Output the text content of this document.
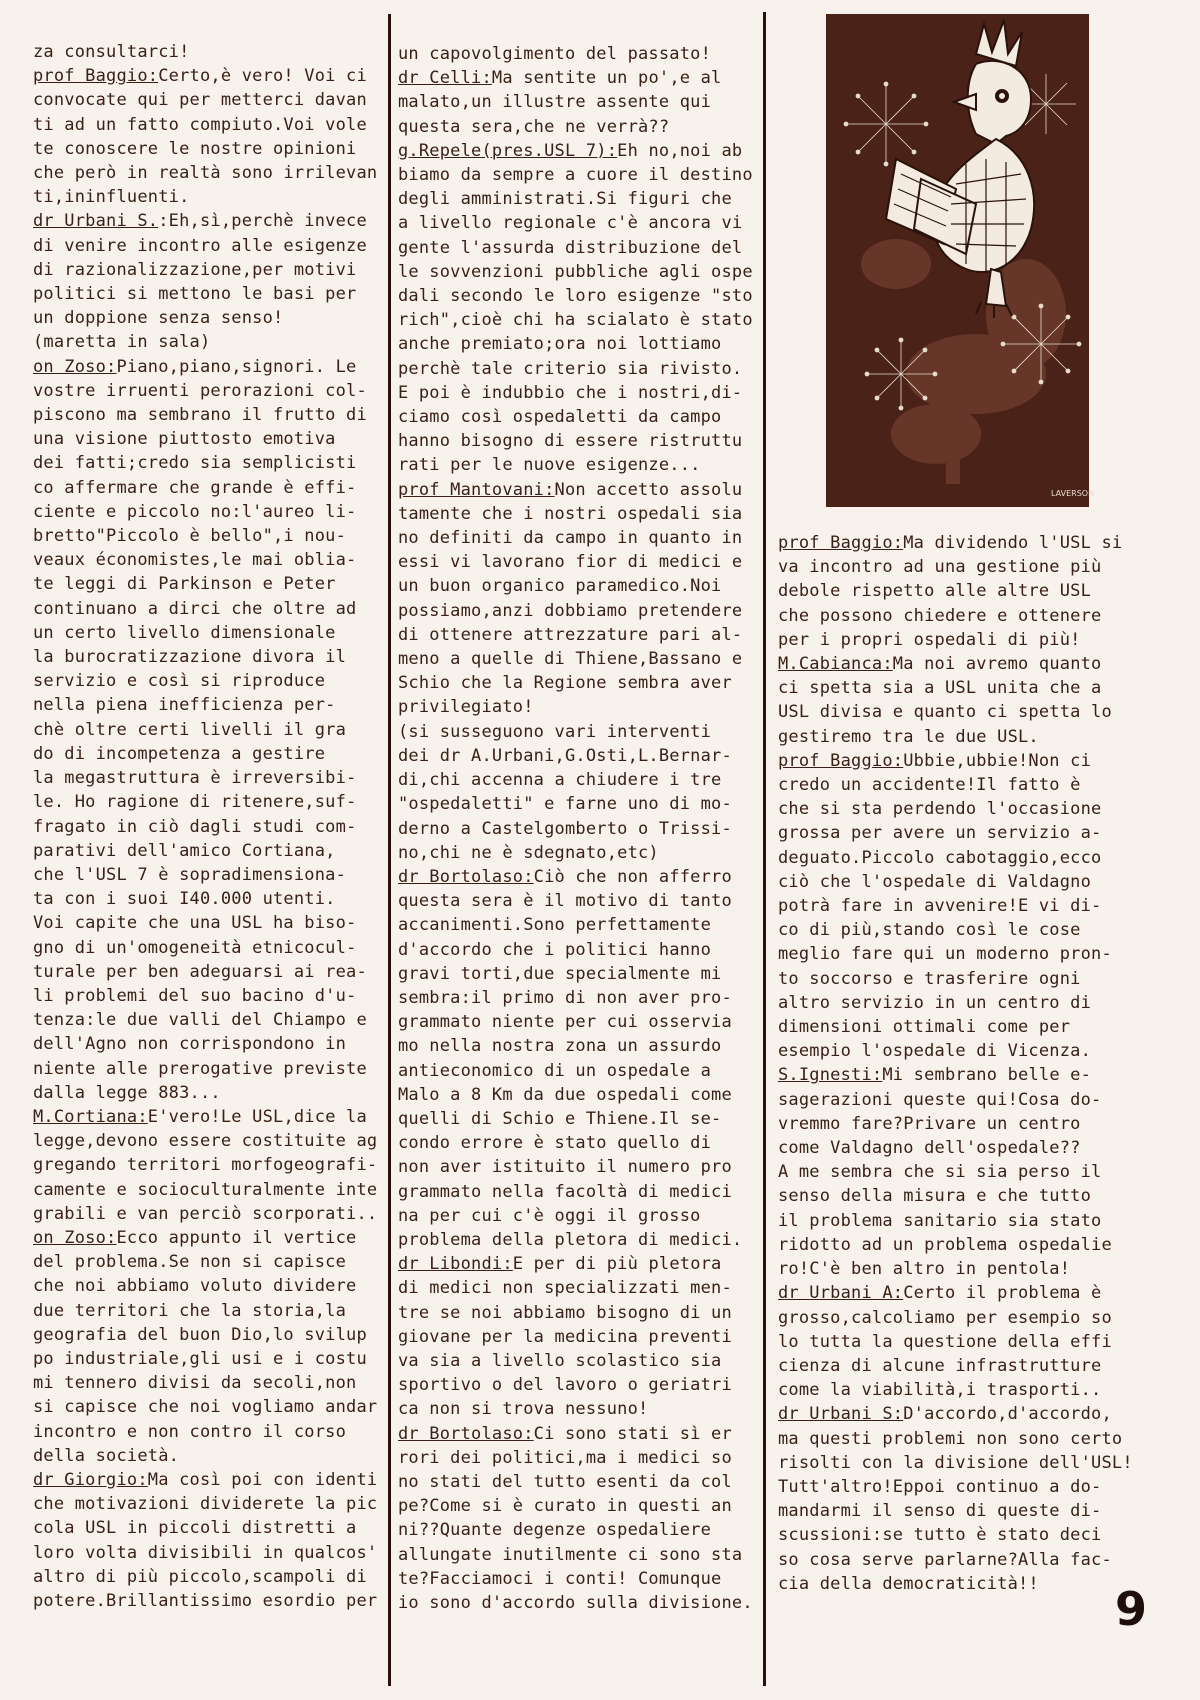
za consultarci!
prof Baggio:Certo,è vero! Voi ci
convocate qui per metterci davan
ti ad un fatto compiuto.Voi vole
te conoscere le nostre opinioni
che però in realtà sono irrilevan
ti,ininfluenti.
dr Urbani S.:Eh,sì,perchè invece
di venire incontro alle esigenze
di razionalizzazione,per motivi
politici si mettono le basi per
un doppione senza senso!
(maretta in sala)
on Zoso:Piano,piano,signori. Le
vostre irruenti perorazioni col-
piscono ma sembrano il frutto di
una visione piuttosto emotiva
dei fatti;credo sia semplicisti
co affermare che grande è effi-
ciente e piccolo no:l'aureo li-
bretto"Piccolo è bello",i nou-
veaux économistes,le mai oblia-
te leggi di Parkinson e Peter
continuano a dirci che oltre ad
un certo livello dimensionale
la burocratizzazione divora il
servizio e così si riproduce
nella piena inefficienza per-
chè oltre certi livelli il gra
do di incompetenza a gestire
la megastruttura è irreversibi-
le. Ho ragione di ritenere,suf-
fragato in ciò dagli studi com-
parativi dell'amico Cortiana,
che l'USL 7 è sopradimensiona-
ta con i suoi I40.000 utenti.
Voi capite che una USL ha biso-
gno di un'omogeneità etnicocul-
turale per ben adeguarsi ai rea-
li problemi del suo bacino d'u-
tenza:le due valli del Chiampo e
dell'Agno non corrispondono in
niente alle prerogative previste
dalla legge 883...
M.Cortiana:E'vero!Le USL,dice la
legge,devono essere costituite ag
gregando territori morfogeografi-
camente e socioculturalmente inte
grabili e van perciò scorporati..
on Zoso:Ecco appunto il vertice
del problema.Se non si capisce
che noi abbiamo voluto dividere
due territori che la storia,la
geografia del buon Dio,lo svilup
po industriale,gli usi e i costu
mi tennero divisi da secoli,non
si capisce che noi vogliamo andar
incontro e non contro il corso
della società.
dr Giorgio:Ma così poi con identi
che motivazioni dividerete la pic
cola USL in piccoli distretti a
loro volta divisibili in qualcos'
altro di più piccolo,scampoli di
potere.Brillantissimo esordio per
un capovolgimento del passato!
dr Celli:Ma sentite un po',e al
malato,un illustre assente qui
questa sera,che ne verrà??
g.Repele(pres.USL 7):Eh no,noi ab
biamo da sempre a cuore il destino
degli amministrati.Si figuri che
a livello regionale c'è ancora vi
gente l'assurda distribuzione del
le sovvenzioni pubbliche agli ospe
dali secondo le loro esigenze "sto
rich",cioè chi ha scialato è stato
anche premiato;ora noi lottiamo
perchè tale criterio sia rivisto.
E poi è indubbio che i nostri,di-
ciamo così ospedaletti da campo
hanno bisogno di essere ristruttu
rati per le nuove esigenze...
prof Mantovani:Non accetto assolu
tamente che i nostri ospedali sia
no definiti da campo in quanto in
essi vi lavorano fior di medici e
un buon organico paramedico.Noi
possiamo,anzi dobbiamo pretendere
di ottenere attrezzature pari al-
meno a quelle di Thiene,Bassano e
Schio che la Regione sembra aver
privilegiato!
(si susseguono vari interventi
dei dr A.Urbani,G.Osti,L.Bernar-
di,chi accenna a chiudere i tre
"ospedaletti" e farne uno di mo-
derno a Castelgomberto o Trissi-
no,chi ne è sdegnato,etc)
dr Bortolaso:Ciò che non afferro
questa sera è il motivo di tanto
accanimenti.Sono perfettamente
d'accordo che i politici hanno
gravi torti,due specialmente mi
sembra:il primo di non aver pro-
grammato niente per cui osservia
mo nella nostra zona un assurdo
antieconomico di un ospedale a
Malo a 8 Km da due ospedali come
quelli di Schio e Thiene.Il se-
condo errore è stato quello di
non aver istituito il numero pro
grammato nella facoltà di medici
na per cui c'è oggi il grosso
problema della pletora di medici.
dr Libondi:E per di più pletora
di medici non specializzati men-
tre se noi abbiamo bisogno di un
giovane per la medicina preventi
va sia a livello scolastico sia
sportivo o del lavoro o geriatri
ca non si trova nessuno!
dr Bortolaso:Ci sono stati sì er
rori dei politici,ma i medici so
no stati del tutto esenti da col
pe?Come si è curato in questi an
ni??Quante degenze ospedaliere
allungate inutilmente ci sono sta
te?Facciamoci i conti! Comunque
io sono d'accordo sulla divisione.
LAVERSON
prof Baggio:Ma dividendo l'USL si
va incontro ad una gestione più
debole rispetto alle altre USL
che possono chiedere e ottenere
per i propri ospedali di più!
M.Cabianca:Ma noi avremo quanto
ci spetta sia a USL unita che a
USL divisa e quanto ci spetta lo
gestiremo tra le due USL.
prof Baggio:Ubbie,ubbie!Non ci
credo un accidente!Il fatto è
che si sta perdendo l'occasione
grossa per avere un servizio a-
deguato.Piccolo cabotaggio,ecco
ciò che l'ospedale di Valdagno
potrà fare in avvenire!E vi di-
co di più,stando così le cose
meglio fare qui un moderno pron-
to soccorso e trasferire ogni
altro servizio in un centro di
dimensioni ottimali come per
esempio l'ospedale di Vicenza.
S.Ignesti:Mi sembrano belle e-
sagerazioni queste qui!Cosa do-
vremmo fare?Privare un centro
come Valdagno dell'ospedale??
A me sembra che si sia perso il
senso della misura e che tutto
il problema sanitario sia stato
ridotto ad un problema ospedalie
ro!C'è ben altro in pentola!
dr Urbani A:Certo il problema è
grosso,calcoliamo per esempio so
lo tutta la questione della effi
cienza di alcune infrastrutture
come la viabilità,i trasporti..
dr Urbani S:D'accordo,d'accordo,
ma questi problemi non sono certo
risolti con la divisione dell'USL!
Tutt'altro!Eppoi continuo a do-
mandarmi il senso di queste di-
scussioni:se tutto è stato deci
so cosa serve parlarne?Alla fac-
cia della democraticità!!	9
